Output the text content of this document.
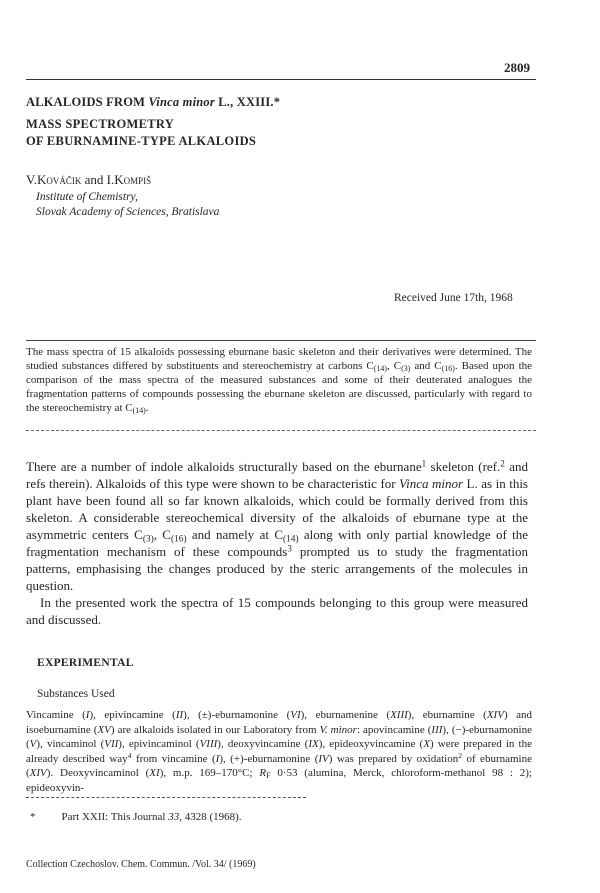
2809
ALKALOIDS FROM Vinca minor L., XXIII.*
MASS SPECTROMETRY
OF EBURNAMINE-TYPE ALKALOIDS
V.Kováčik and I.Kompiš
Institute of Chemistry,
Slovak Academy of Sciences, Bratislava
Received June 17th, 1968
The mass spectra of 15 alkaloids possessing eburnane basic skeleton and their derivatives were determined. The studied substances differed by substituents and stereochemistry at carbons $C_{(14)}$, $C_{(3)}$ and $C_{(16)}$. Based upon the comparison of the mass spectra of the measured substances and some of their deuterated analogues the fragmentation patterns of compounds possessing the eburnane skeleton are discussed, particularly with regard to the stereochemistry at $C_{(14)}$.

There are a number of indole alkaloids structurally based on the eburnane$^1$ skeleton (ref.$^2$ and refs therein). Alkaloids of this type were shown to be characteristic for Vinca minor L. as in this plant have been found all so far known alkaloids, which could be formally derived from this skeleton. A considerable stereochemical diversity of the alkaloids of eburnane type at the asymmetric centers $C_{(3)}$, $C_{(16)}$ and namely at $C_{(14)}$ along with only partial knowledge of the fragmentation mechanism of these compounds$^3$ prompted us to study the fragmentation patterns, emphasising the changes produced by the steric arrangements of the molecules in question.

In the presented work the spectra of 15 compounds belonging to this group were measured and discussed.

EXPERIMENTAL
Substances Used
Vincamine (I), epivincamine (II), (±)-eburnamonine (VI), eburnamenine (XIII), eburnamine (XIV) and isoeburnamine (XV) are alkaloids isolated in our Laboratory from V. minor: apovincamine (III), (−)-eburnamonine (V), vincaminol (VII), epivincaminol (VIII), deoxyvincamine (IX), epideoxyvincamine (X) were prepared in the already described way$^4$ from vincamine (I), (+)-eburnamonine (IV) was prepared by oxidation$^2$ of eburnamine (XIV). Deoxyvincaminol (XI), m.p. 169–170°C; $R_F$ 0·53 (alumina, Merck, chloroform-methanol 98 : 2); epideoxyvin-
* Part XXII: This Journal 33, 4328 (1968).
Collection Czechoslov. Chem. Commun. /Vol. 34/ (1969)
